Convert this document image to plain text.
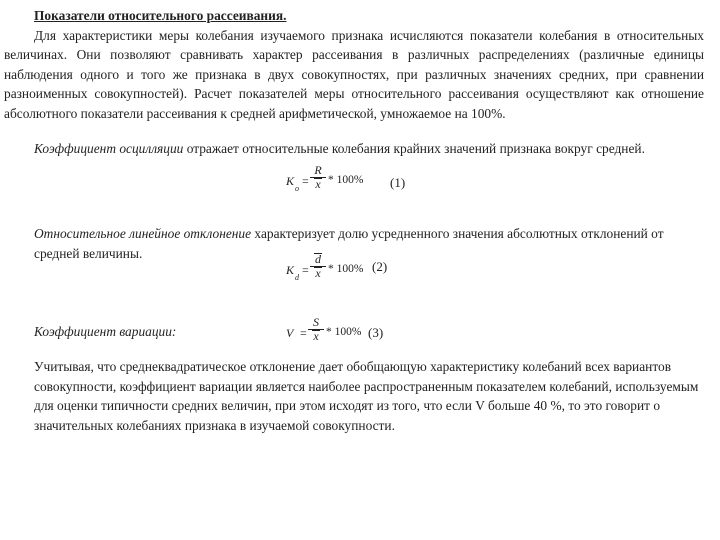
Показатели относительного рассеивания.
Для характеристики меры колебания изучаемого признака исчисляются показатели колебания в относительных величинах. Они позволяют сравнивать характер рассеивания в различных распределениях (различные единицы наблюдения одного и того же признака в двух совокупностях, при различных значениях средних, при сравнении разноименных совокупностей). Расчет показателей меры относительного рассеивания осуществляют как отношение абсолютного показатели рассеивания к средней арифметической, умножаемое на 100%.
Коэффициент осцилляции отражает относительные колебания крайних значений признака вокруг средней.
K
o
=
R
x * 100% (1)
Относительное линейное отклонение характеризует долю усредненного значения абсолютных отклонений от средней величины.
K
d
=
d
x * 100% (2)
Коэффициент вариации:	V =
S
x * 100% (3)
Учитывая, что среднеквадратическое отклонение дает обобщающую характеристику колебаний всех вариантов совокупности, коэффициент вариации является наиболее распространенным показателем колебаний, используемым для оценки типичности средних величин, при этом исходят из того, что если V больше 40 %, то это говорит о значительных колебаниях признака в изучаемой совокупности.
